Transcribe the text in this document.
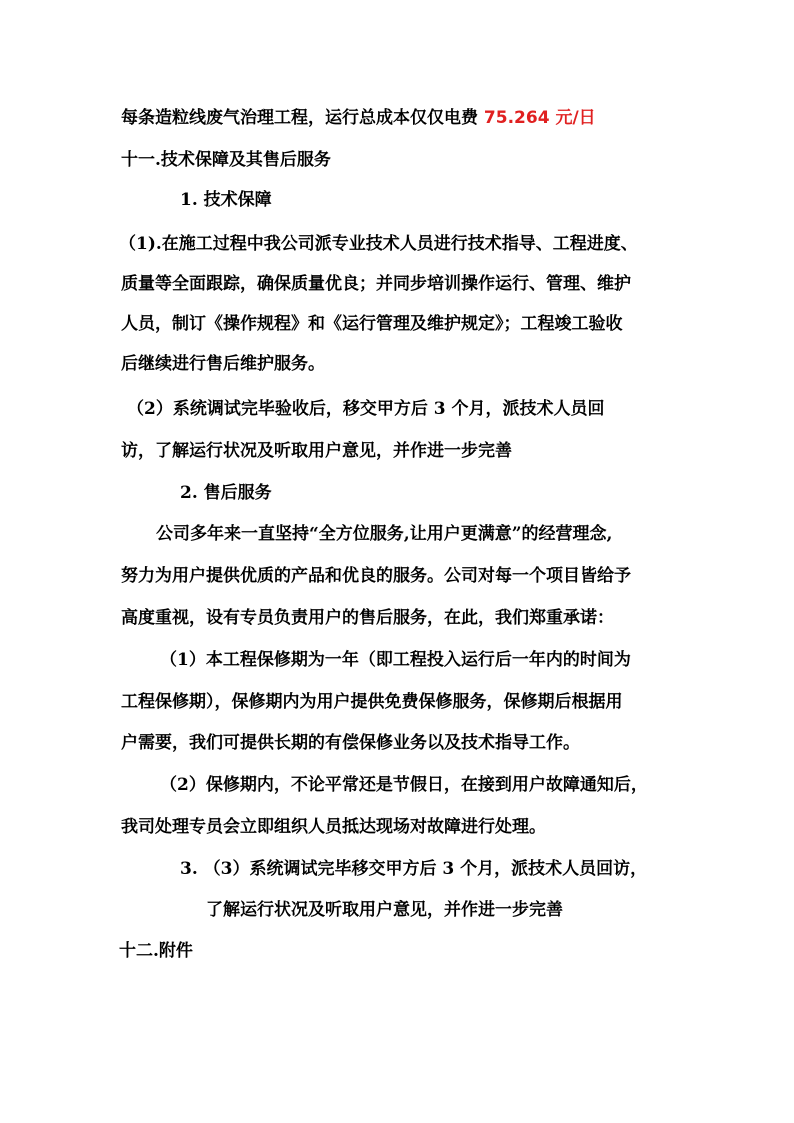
每条造粒线废气治理工程，运行总成本仅仅电费 75.264 元/日
十一.技术保障及其售后服务
1. 技术保障
（1).在施工过程中我公司派专业技术人员进行技术指导、工程进度、
质量等全面跟踪，确保质量优良；并同步培训操作运行、管理、维护
人员，制订《操作规程》和《运行管理及维护规定》；工程竣工验收
后继续进行售后维护服务。
（2）系统调试完毕验收后，移交甲方后 3 个月，派技术人员回
访，了解运行状况及听取用户意见，并作进一步完善
2. 售后服务
公司多年来一直坚持“全方位服务,让用户更满意”的经营理念,
努力为用户提供优质的产品和优良的服务。公司对每一个项目皆给予
高度重视，设有专员负责用户的售后服务，在此，我们郑重承诺：
（1）本工程保修期为一年（即工程投入运行后一年内的时间为
工程保修期），保修期内为用户提供免费保修服务，保修期后根据用
户需要，我们可提供长期的有偿保修业务以及技术指导工作。
（2）保修期内，不论平常还是节假日，在接到用户故障通知后，
我司处理专员会立即组织人员抵达现场对故障进行处理。
3. （3）系统调试完毕移交甲方后 3 个月，派技术人员回访，
了解运行状况及听取用户意见，并作进一步完善
十二.附件
